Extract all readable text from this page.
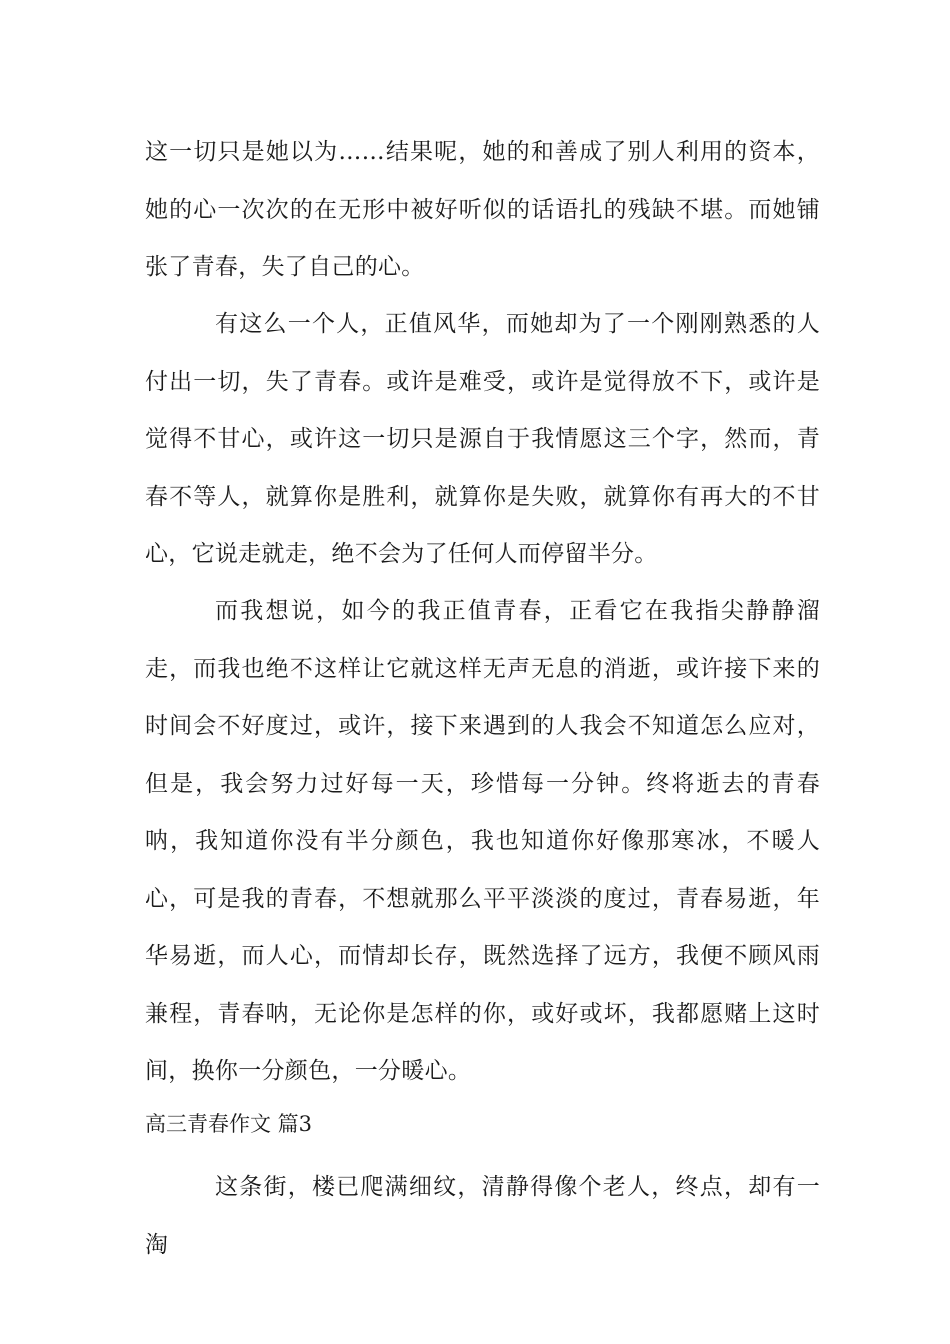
这一切只是她以为……结果呢，她的和善成了别人利用的资本，她的心一次次的在无形中被好听似的话语扎的残缺不堪。而她铺张了青春，失了自己的心。

有这么一个人，正值风华，而她却为了一个刚刚熟悉的人付出一切，失了青春。或许是难受，或许是觉得放不下，或许是觉得不甘心，或许这一切只是源自于我情愿这三个字，然而，青春不等人，就算你是胜利，就算你是失败，就算你有再大的不甘心，它说走就走，绝不会为了任何人而停留半分。

而我想说，如今的我正值青春，正看它在我指尖静静溜走，而我也绝不这样让它就这样无声无息的消逝，或许接下来的时间会不好度过，或许，接下来遇到的人我会不知道怎么应对，但是，我会努力过好每一天，珍惜每一分钟。终将逝去的青春呐，我知道你没有半分颜色，我也知道你好像那寒冰，不暖人心，可是我的青春，不想就那么平平淡淡的度过，青春易逝，年华易逝，而人心，而情却长存，既然选择了远方，我便不顾风雨兼程，青春呐，无论你是怎样的你，或好或坏，我都愿赌上这时间，换你一分颜色，一分暖心。

高三青春作文 篇3

这条街，楼已爬满细纹，清静得像个老人，终点，却有一淘
